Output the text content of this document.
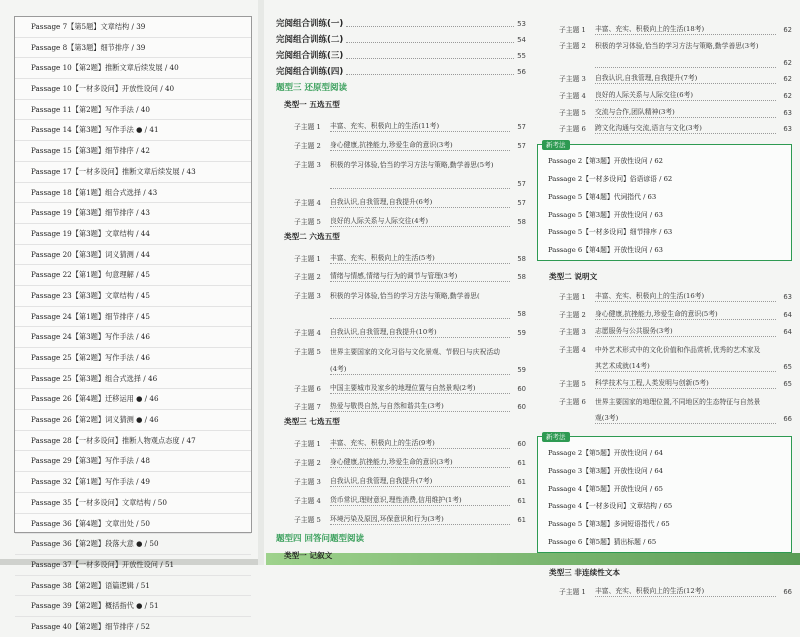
Passage 7【第5题】文章结构 / 39
Passage 8【第3题】细节排序 / 39
Passage 10【第2题】推断文章后续发展 / 40
Passage 10【一材多设问】开放性设问 / 40
Passage 11【第2题】写作手法 / 40
Passage 14【第3题】写作手法 ● / 41
Passage 15【第3题】细节排序 / 42
Passage 17【一材多设问】推断文章后续发展 / 43
Passage 18【第1题】组合式选择 / 43
Passage 19【第3题】细节排序 / 43
Passage 19【第3题】文章结构 / 44
Passage 20【第3题】词义猜测 / 44
Passage 22【第1题】句意理解 / 45
Passage 23【第3题】文章结构 / 45
Passage 24【第1题】细节排序 / 45
Passage 24【第3题】写作手法 / 46
Passage 25【第2题】写作手法 / 46
Passage 25【第3题】组合式选择 / 46
Passage 26【第4题】迁移运用 ● / 46
Passage 26【第2题】词义猜测 ● / 46
Passage 28【一材多设问】推断人物观点态度 / 47
Passage 29【第3题】写作手法 / 48
Passage 32【第1题】写作手法 / 49
Passage 35【一材多设问】文章结构 / 50
Passage 36【第4题】文章出处 / 50
Passage 36【第2题】段落大意 ● / 50
Passage 37【一材多设问】开放性设问 / 51
Passage 38【第2题】语篇逻辑 / 51
Passage 39【第2题】概括指代 ● / 51
Passage 40【第2题】细节排序 / 52
完阅组合训练(一)	53
完阅组合训练(二)	54
完阅组合训练(三)	55
完阅组合训练(四)	56
题型三 还原型阅读
类型一 五选五型
子主题 1	丰富、充实、积极向上的生活(11考)	57
子主题 2	身心健康,抗挫能力,珍爱生命的意识(3考)	57
子主题 3	积极的学习体验,恰当的学习方法与策略,勤学善思(5考)
57
子主题 4	自我认识,自我管理,自我提升(6考)	57
子主题 5	良好的人际关系与人际交往(4考)	58
类型二 六选五型
子主题 1	丰富、充实、积极向上的生活(5考)	58
子主题 2	情绪与情感,情绪与行为的调节与管理(3考)	58
子主题 3	积极的学习体验,恰当的学习方法与策略,勤学善思(
58
子主题 4	自我认识,自我管理,自我提升(10考)	59
子主题 5	世界主要国家的文化习俗与文化景观、节假日与庆祝活动
(4考)	59
子主题 6	中国主要城市及家乡的地理位置与自然景观(2考)	60
子主题 7	热爱与敬畏自然,与自然和谐共生(3考)	60
类型三 七选五型
子主题 1	丰富、充实、积极向上的生活(9考)	60
子主题 2	身心健康,抗挫能力,珍爱生命的意识(3考)	61
子主题 3	自我认识,自我管理,自我提升(7考)	61
子主题 4	货币常识,理财意识,理性消费,信用维护(1考)	61
子主题 5	环境污染及原因,环保意识和行为(3考)	61
题型四 回答问题型阅读
类型一 记叙文
子主题 1	丰富、充实、积极向上的生活(18考)	62
子主题 2	积极的学习体验,恰当的学习方法与策略,勤学善思(3考)
62
子主题 3	自我认识,自我管理,自我提升(7考)	62
子主题 4	良好的人际关系与人际交往(6考)	62
子主题 5	交流与合作,团队精神(3考)	63
子主题 6	跨文化沟通与交流,语言与文化(3考)	63
新考法
Passage 2【第3题】开放性设问 / 62
Passage 2【一材多设问】俗语谚语 / 62
Passage 5【第4题】代词指代 / 63
Passage 5【第3题】开放性设问 / 63
Passage 5【一材多设问】细节排序 / 63
Passage 6【第4题】开放性设问 / 63
类型二 说明文
子主题 1	丰富、充实、积极向上的生活(16考)	63
子主题 2	身心健康,抗挫能力,珍爱生命的意识(5考)	64
子主题 3	志愿服务与公共服务(3考)	64
子主题 4	中外艺术形式中的文化价值和作品赏析,优秀的艺术家及
其艺术成就(14考)	65
子主题 5	科学技术与工程,人类发明与创新(5考)	65
子主题 6	世界主要国家的地理位置,不同地区的生态特征与自然景
观(3考)	66
新考法
Passage 2【第5题】开放性设问 / 64
Passage 3【第3题】开放性设问 / 64
Passage 4【第5题】开放性设问 / 65
Passage 4【一材多设问】文章结构 / 65
Passage 5【第3题】多词短语指代 / 65
Passage 6【第5题】猜出标题 / 65
类型三 非连续性文本
子主题 1	丰富、充实、积极向上的生活(12考)	66
